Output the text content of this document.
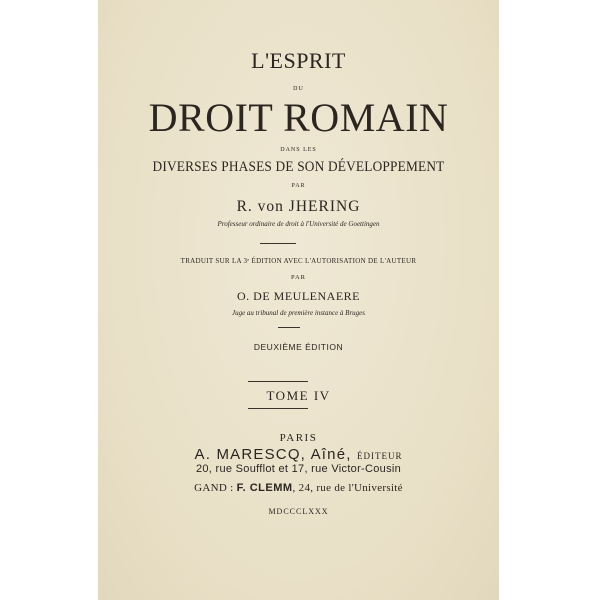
L'ESPRIT
DU
DROIT ROMAIN
DANS LES
DIVERSES PHASES DE SON DÉVELOPPEMENT
PAR
R. von JHERING
Professeur ordinaire de droit à l'Université de Goettingen
TRADUIT SUR LA 3ᵉ ÉDITION AVEC L'AUTORISATION DE L'AUTEUR
PAR
O. DE MEULENAERE
Juge au tribunal de première instance à Bruges
DEUXIÈME ÉDITION
TOME IV
PARIS
A. MARESCQ, Aîné, ÉDITEUR
20, rue Soufflot et 17, rue Victor-Cousin
GAND : F. CLEMM, 24, rue de l'Université
MDCCCLXXX
